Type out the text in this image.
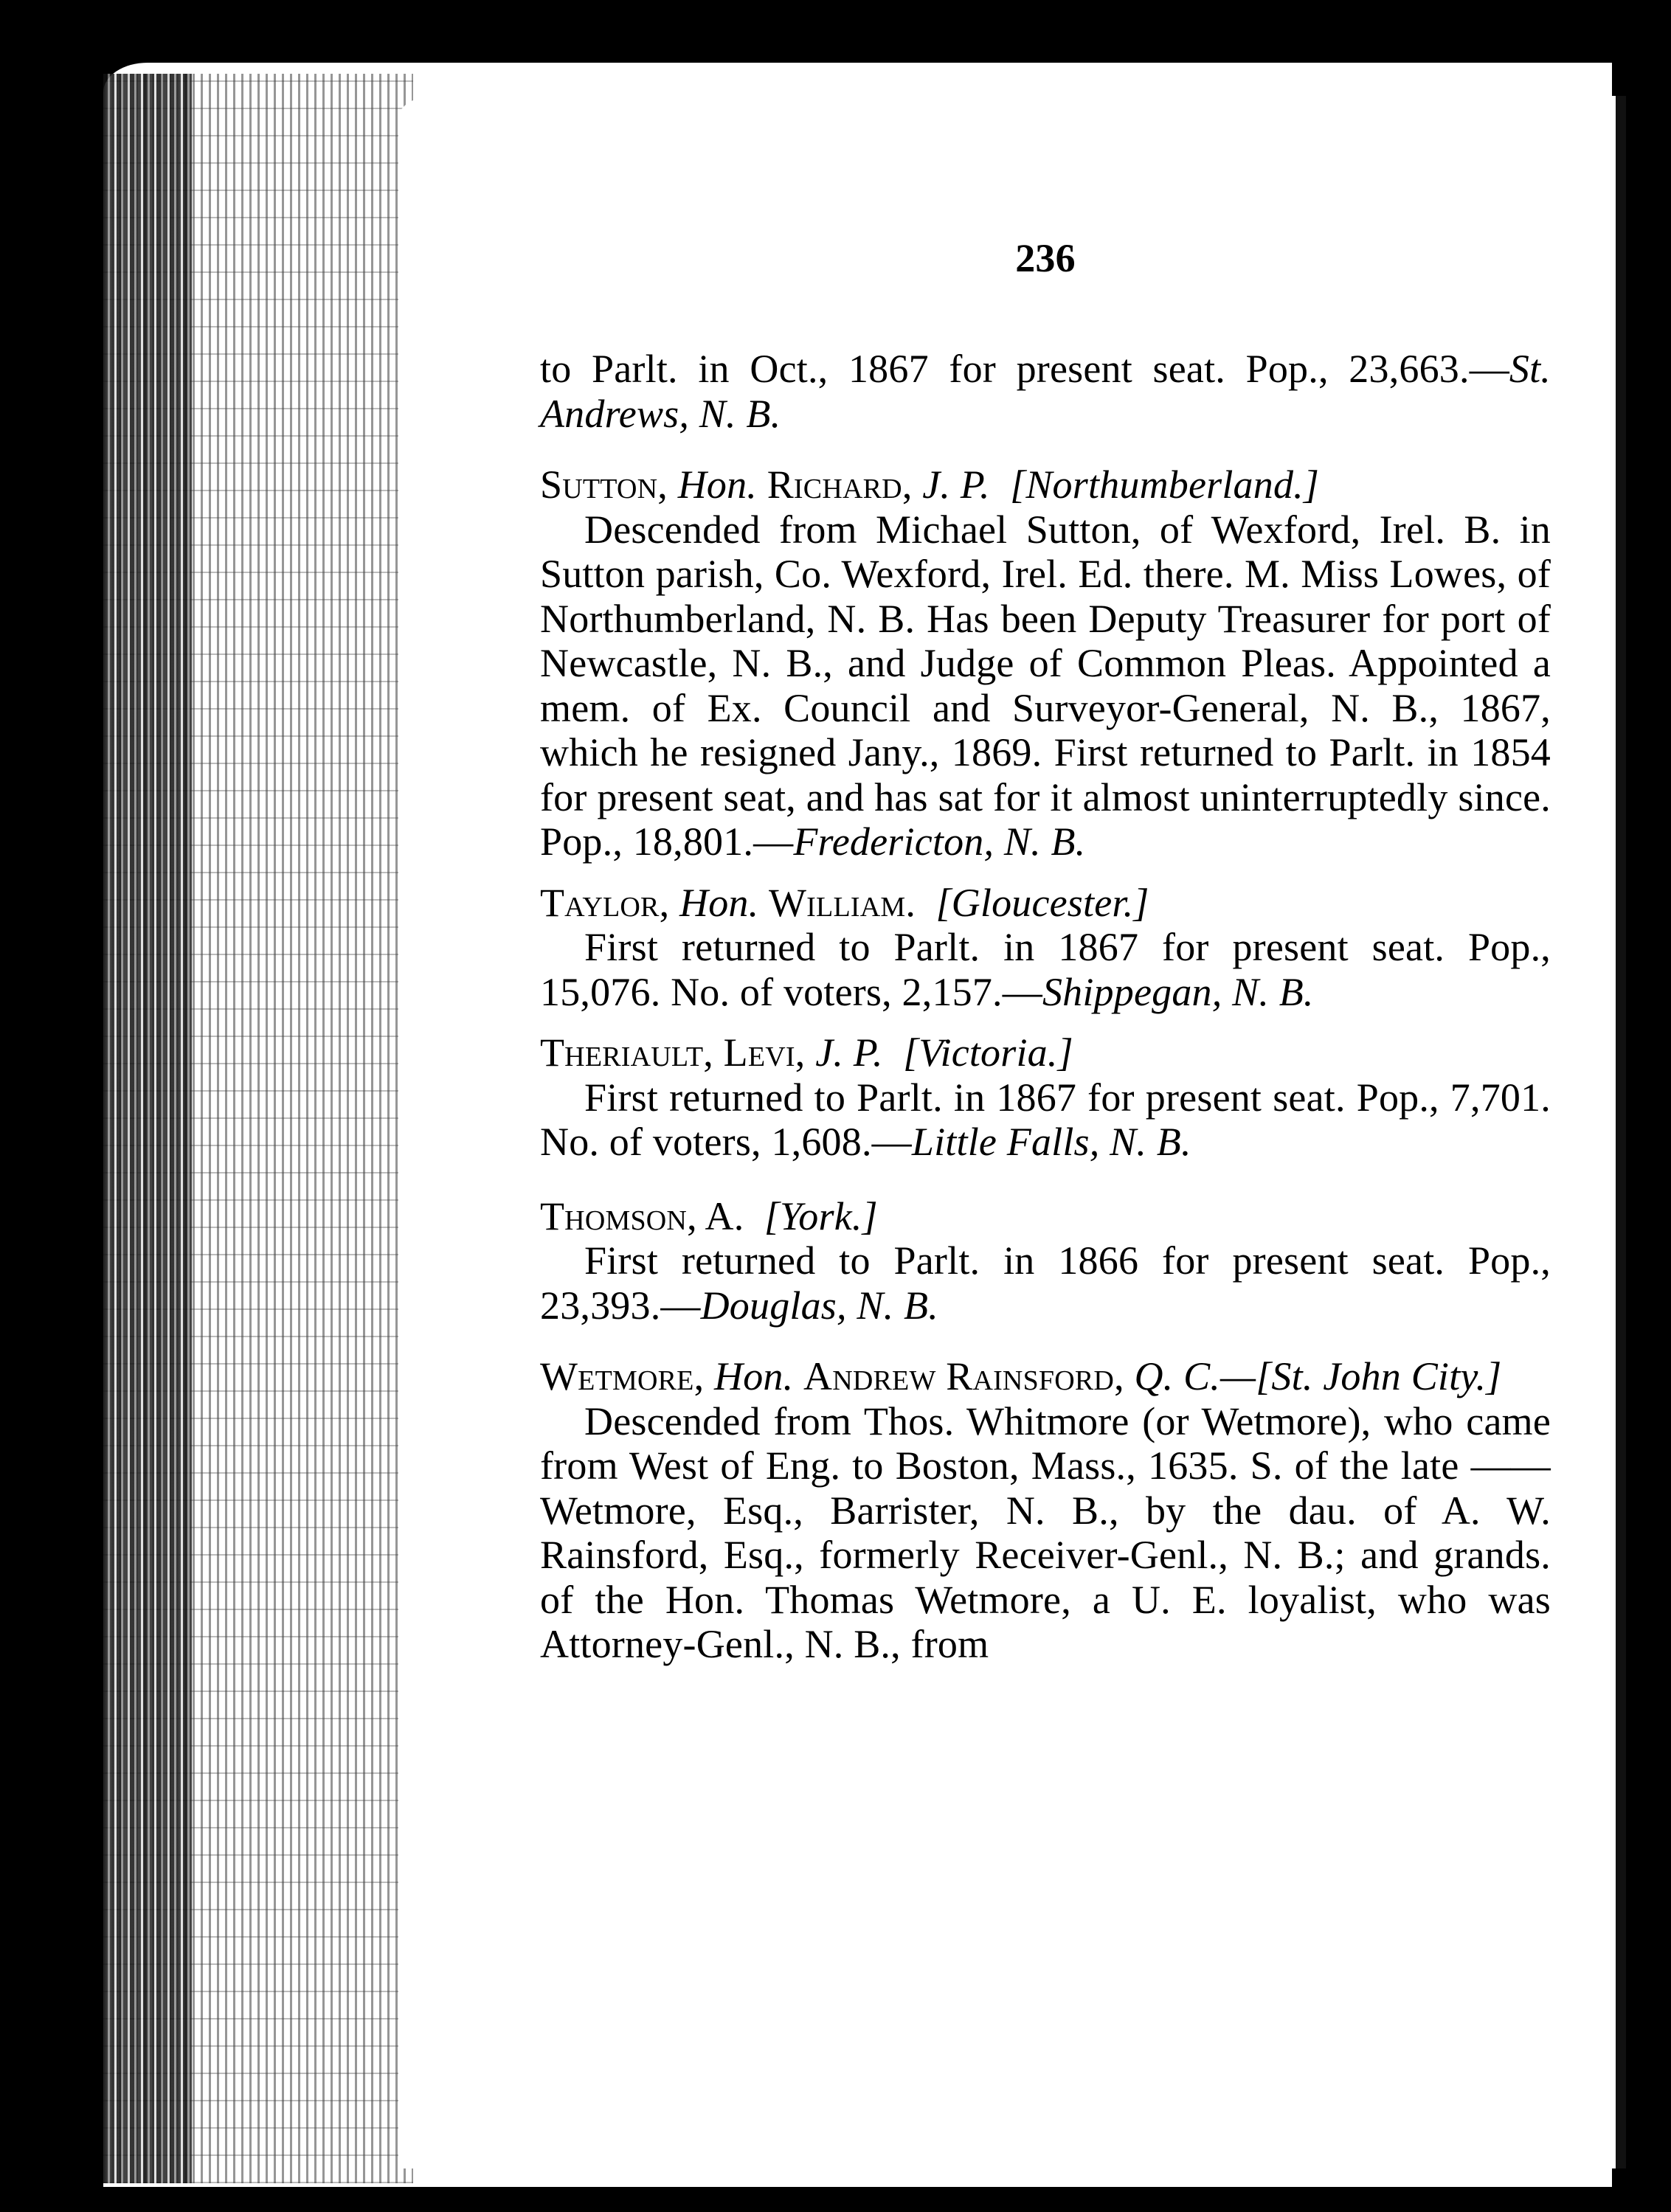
236

to Parlt. in Oct., 1867 for present seat. Pop., 23,663.—St. Andrews, N. B.

Sutton, Hon. Richard, J. P. [Northumberland.]

Descended from Michael Sutton, of Wexford, Irel. B. in Sutton parish, Co. Wexford, Irel. Ed. there. M. Miss Lowes, of Northumberland, N. B. Has been Deputy Treasurer for port of Newcastle, N. B., and Judge of Common Pleas. Appointed a mem. of Ex. Council and Surveyor-General, N. B., 1867, which he resigned Jany., 1869. First returned to Parlt. in 1854 for present seat, and has sat for it almost uninterruptedly since. Pop., 18,801.—Fredericton, N. B.

Taylor, Hon. William. [Gloucester.]

First returned to Parlt. in 1867 for present seat. Pop., 15,076. No. of voters, 2,157.—Shippegan, N. B.

Theriault, Levi, J. P. [Victoria.]

First returned to Parlt. in 1867 for present seat. Pop., 7,701. No. of voters, 1,608.—Little Falls, N. B.

Thomson, A. [York.]

First returned to Parlt. in 1866 for present seat. Pop., 23,393.—Douglas, N. B.

Wetmore, Hon. Andrew Rainsford, Q. C.—[St. John City.]

Descended from Thos. Whitmore (or Wetmore), who came from West of Eng. to Boston, Mass., 1635. S. of the late —— Wetmore, Esq., Barrister, N. B., by the dau. of A. W. Rainsford, Esq., formerly Receiver-Genl., N. B.; and grands. of the Hon. Thomas Wetmore, a U. E. loyalist, who was Attorney-Genl., N. B., from
